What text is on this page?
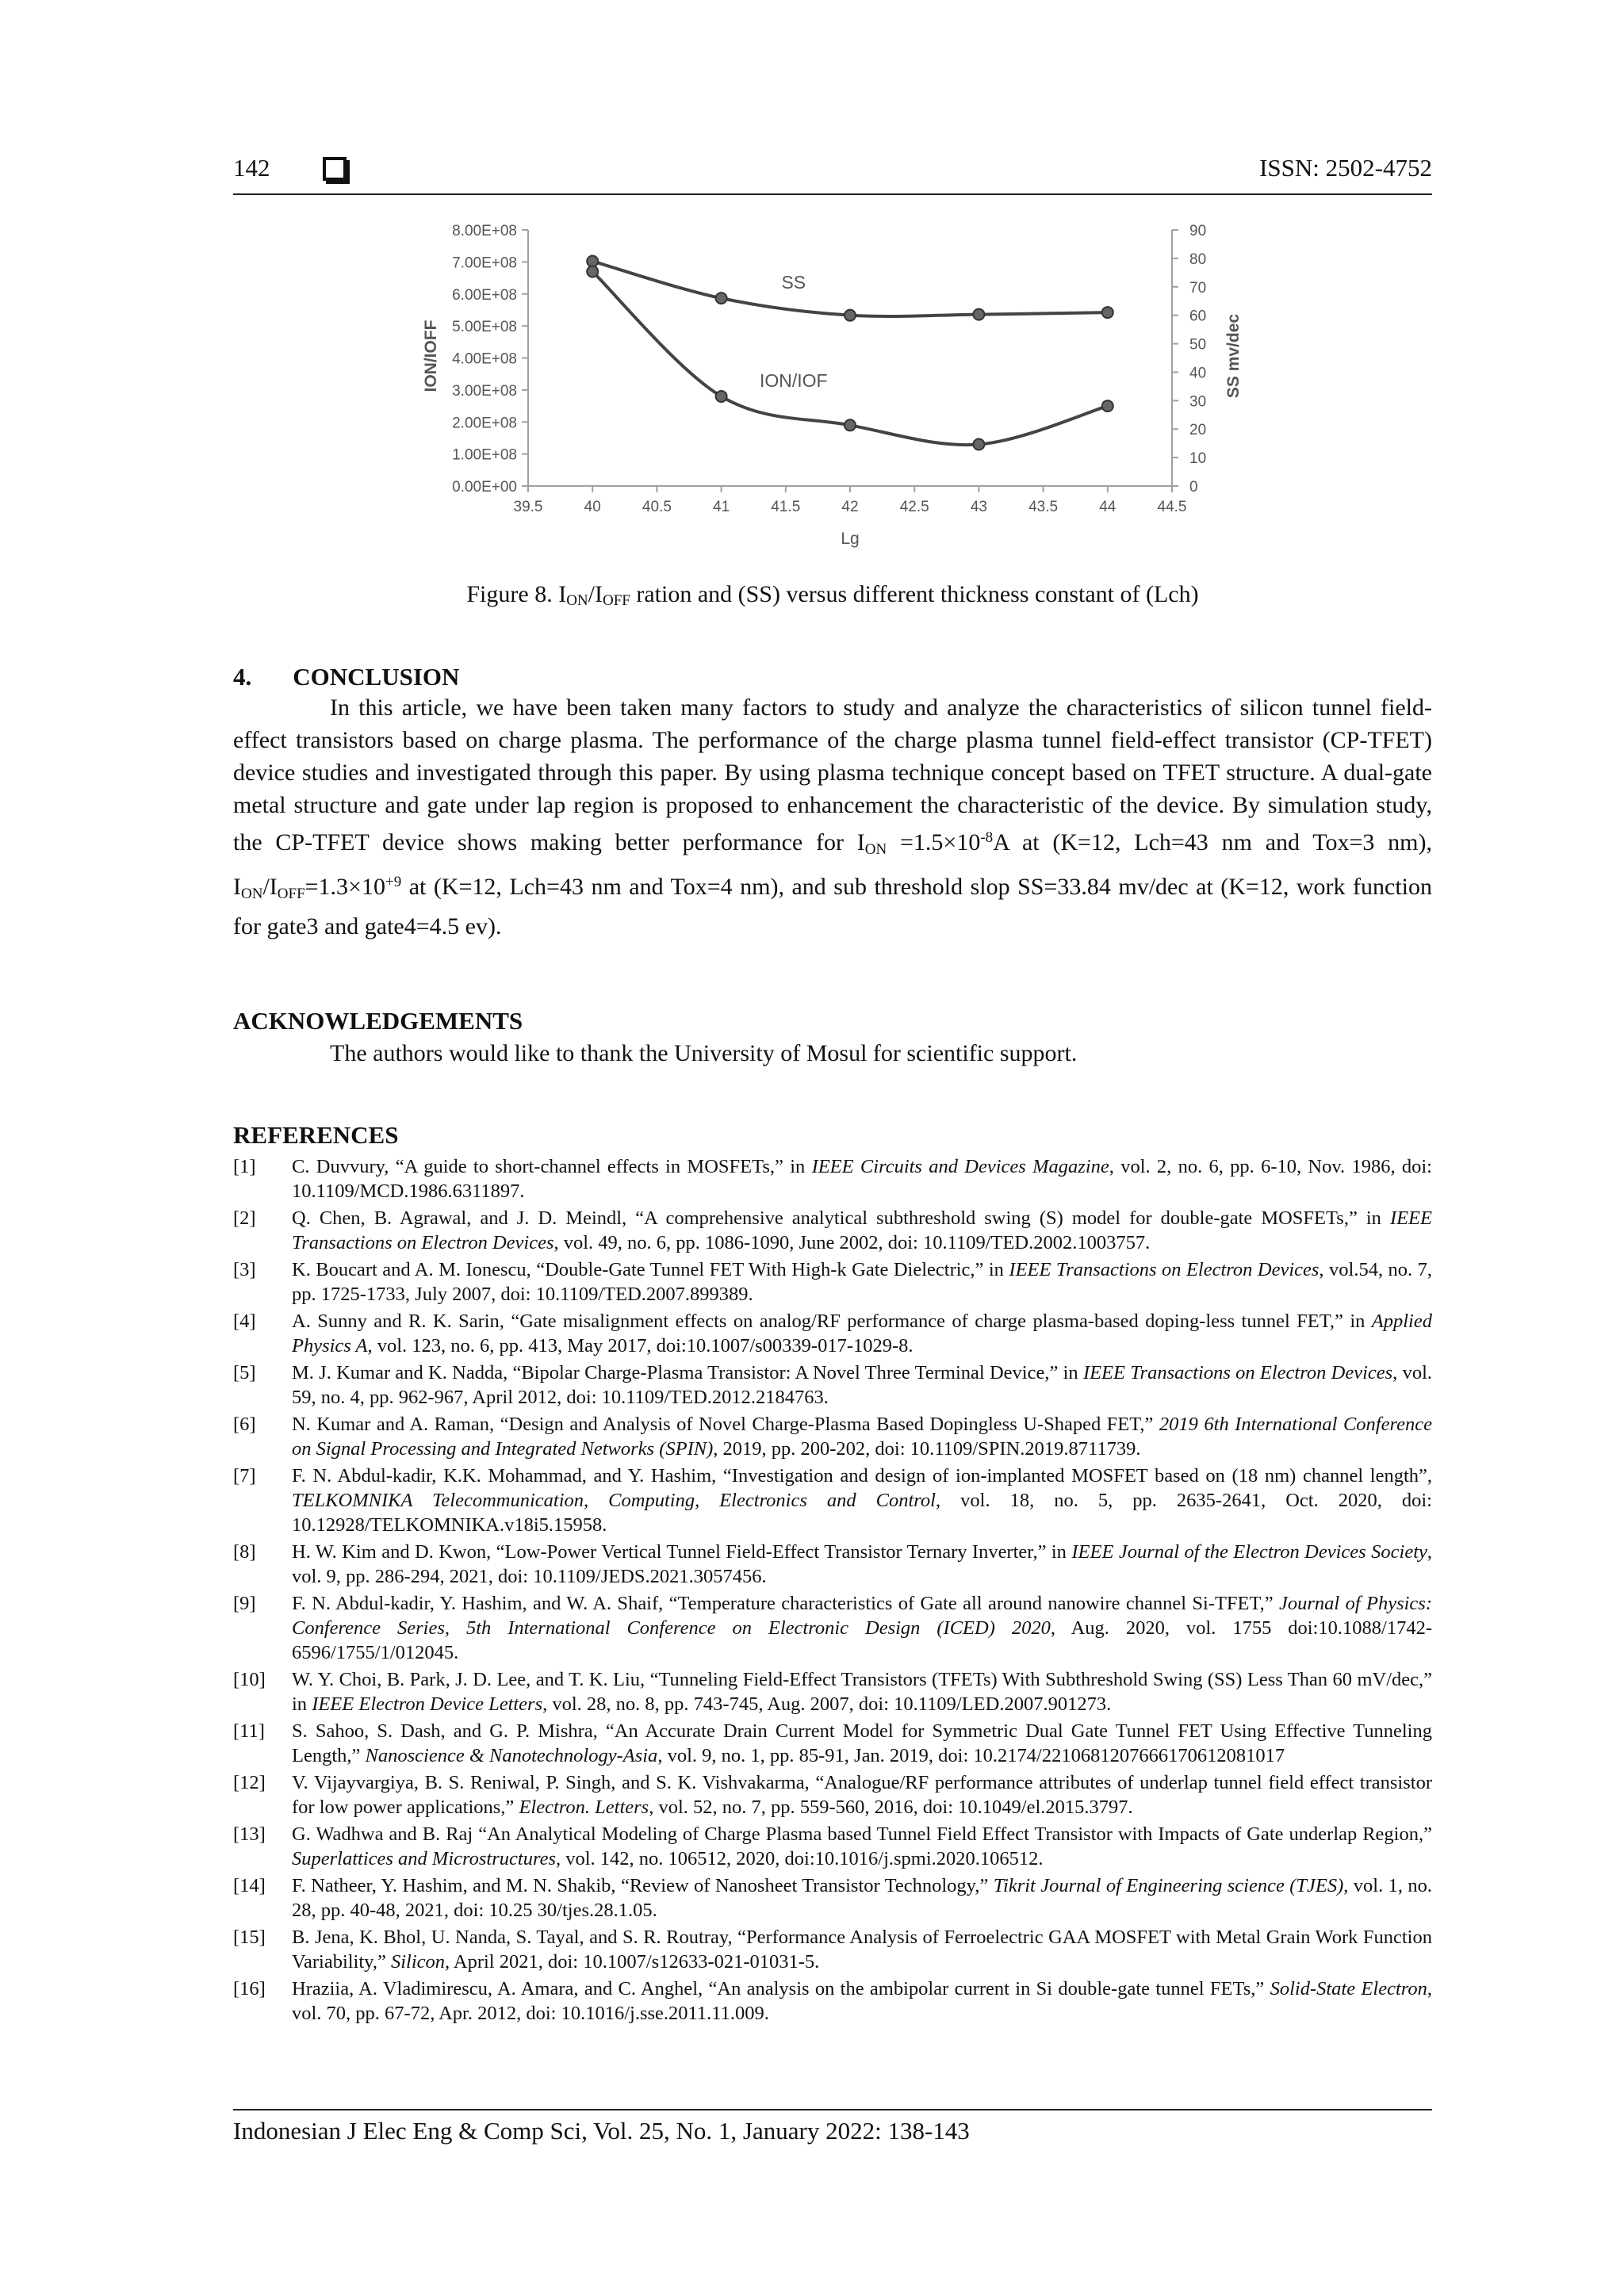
142	ISSN: 2502-4752
0.00E+00
1.00E+08
2.00E+08
3.00E+08
4.00E+08
5.00E+08
6.00E+08
7.00E+08
8.00E+08
0
10
20
30
40
50
60
70
80
90
39.5	40	40.5	41	41.5	42	42.5	43	43.5	44	44.5
SS
ION/IOF
ION/IOFF	SS mv/dec
Lg
Figure 8. $I_{ON}/I_{OFF}$ ration and (SS) versus different thickness constant of (Lch)
4. CONCLUSION
In this article, we have been taken many factors to study and analyze the characteristics of silicon tunnel field-effect transistors based on charge plasma. The performance of the charge plasma tunnel field-effect transistor (CP-TFET) device studies and investigated through this paper. By using plasma technique concept based on TFET structure. A dual-gate metal structure and gate under lap region is proposed to enhancement the characteristic of the device. By simulation study, the CP-TFET device shows making better performance for $I_{ON} =1.5\times 10^{-8}A$ at (K=12, Lch=43 nm and Tox=3 nm), $I_{ON}/I_{OFF}=1.3\times 10^{+9}$ at (K=12, Lch=43 nm and Tox=4 nm), and sub threshold slop SS=33.84 mv/dec at (K=12, work function for gate3 and gate4=4.5 ev).
ACKNOWLEDGEMENTS
The authors would like to thank the University of Mosul for scientific support.
REFERENCES
[1] C. Duvvury, “A guide to short-channel effects in MOSFETs,” in IEEE Circuits and Devices Magazine, vol. 2, no. 6, pp. 6-10, Nov. 1986, doi: 10.1109/MCD.1986.6311897.
[2] Q. Chen, B. Agrawal, and J. D. Meindl, “A comprehensive analytical subthreshold swing (S) model for double-gate MOSFETs,” in IEEE Transactions on Electron Devices, vol. 49, no. 6, pp. 1086-1090, June 2002, doi: 10.1109/TED.2002.1003757.
[3] K. Boucart and A. M. Ionescu, “Double-Gate Tunnel FET With High-k Gate Dielectric,” in IEEE Transactions on Electron Devices, vol.54, no. 7, pp. 1725-1733, July 2007, doi: 10.1109/TED.2007.899389.
[4] A. Sunny and R. K. Sarin, “Gate misalignment effects on analog/RF performance of charge plasma-based doping-less tunnel FET,” in Applied Physics A, vol. 123, no. 6, pp. 413, May 2017, doi:10.1007/s00339-017-1029-8.
[5] M. J. Kumar and K. Nadda, “Bipolar Charge-Plasma Transistor: A Novel Three Terminal Device,” in IEEE Transactions on Electron Devices, vol. 59, no. 4, pp. 962-967, April 2012, doi: 10.1109/TED.2012.2184763.
[6] N. Kumar and A. Raman, “Design and Analysis of Novel Charge-Plasma Based Dopingless U-Shaped FET,” 2019 6th International Conference on Signal Processing and Integrated Networks (SPIN), 2019, pp. 200-202, doi: 10.1109/SPIN.2019.8711739.
[7] F. N. Abdul-kadir, K.K. Mohammad, and Y. Hashim, “Investigation and design of ion-implanted MOSFET based on (18 nm) channel length”, TELKOMNIKA Telecommunication, Computing, Electronics and Control, vol. 18, no. 5, pp. 2635-2641, Oct. 2020, doi: 10.12928/TELKOMNIKA.v18i5.15958.
[8] H. W. Kim and D. Kwon, “Low-Power Vertical Tunnel Field-Effect Transistor Ternary Inverter,” in IEEE Journal of the Electron Devices Society, vol. 9, pp. 286-294, 2021, doi: 10.1109/JEDS.2021.3057456.
[9] F. N. Abdul-kadir, Y. Hashim, and W. A. Shaif, “Temperature characteristics of Gate all around nanowire channel Si-TFET,” Journal of Physics: Conference Series, 5th International Conference on Electronic Design (ICED) 2020, Aug. 2020, vol. 1755 doi:10.1088/1742-6596/1755/1/012045.
[10] W. Y. Choi, B. Park, J. D. Lee, and T. K. Liu, “Tunneling Field-Effect Transistors (TFETs) With Subthreshold Swing (SS) Less Than 60 mV/dec,” in IEEE Electron Device Letters, vol. 28, no. 8, pp. 743-745, Aug. 2007, doi: 10.1109/LED.2007.901273.
[11] S. Sahoo, S. Dash, and G. P. Mishra, “An Accurate Drain Current Model for Symmetric Dual Gate Tunnel FET Using Effective Tunneling Length,” Nanoscience & Nanotechnology-Asia, vol. 9, no. 1, pp. 85-91, Jan. 2019, doi: 10.2174/2210681207666170612081017
[12] V. Vijayvargiya, B. S. Reniwal, P. Singh, and S. K. Vishvakarma, “Analogue/RF performance attributes of underlap tunnel field effect transistor for low power applications,” Electron. Letters, vol. 52, no. 7, pp. 559-560, 2016, doi: 10.1049/el.2015.3797.
[13] G. Wadhwa and B. Raj “An Analytical Modeling of Charge Plasma based Tunnel Field Effect Transistor with Impacts of Gate underlap Region,” Superlattices and Microstructures, vol. 142, no. 106512, 2020, doi:10.1016/j.spmi.2020.106512.
[14] F. Natheer, Y. Hashim, and M. N. Shakib, “Review of Nanosheet Transistor Technology,” Tikrit Journal of Engineering science (TJES), vol. 1, no. 28, pp. 40-48, 2021, doi: 10.25 30/tjes.28.1.05.
[15] B. Jena, K. Bhol, U. Nanda, S. Tayal, and S. R. Routray, “Performance Analysis of Ferroelectric GAA MOSFET with Metal Grain Work Function Variability,” Silicon, April 2021, doi: 10.1007/s12633-021-01031-5.
[16] Hraziia, A. Vladimirescu, A. Amara, and C. Anghel, “An analysis on the ambipolar current in Si double-gate tunnel FETs,” Solid-State Electron, vol. 70, pp. 67-72, Apr. 2012, doi: 10.1016/j.sse.2011.11.009.
Indonesian J Elec Eng & Comp Sci, Vol. 25, No. 1, January 2022: 138-143
